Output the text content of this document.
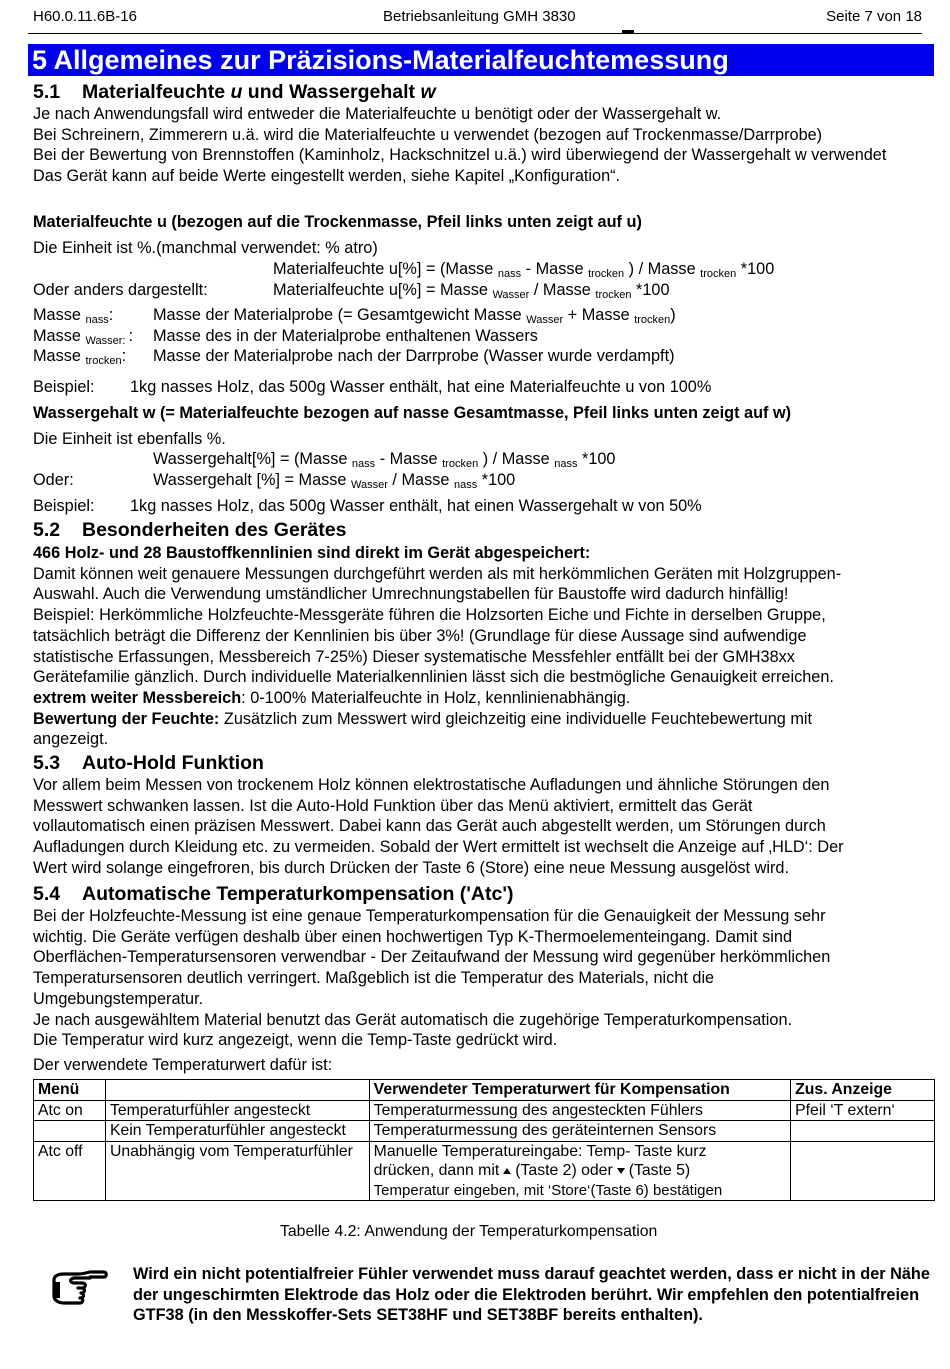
H60.0.11.6B-16	Betriebsanleitung GMH 3830	Seite 7 von 18
5 Allgemeines zur Präzisions-Materialfeuchtemessung
5.1 Materialfeuchte u und Wassergehalt w
Je nach Anwendungsfall wird entweder die Materialfeuchte u benötigt oder der Wassergehalt w.
Bei Schreinern, Zimmerern u.ä. wird die Materialfeuchte u verwendet (bezogen auf Trockenmasse/Darrprobe)
Bei der Bewertung von Brennstoffen (Kaminholz, Hackschnitzel u.ä.) wird überwiegend der Wassergehalt w verwendet
Das Gerät kann auf beide Werte eingestellt werden, siehe Kapitel „Konfiguration“.
Materialfeuchte u (bezogen auf die Trockenmasse, Pfeil links unten zeigt auf u)
Die Einheit ist %.(manchmal verwendet: % atro)
Materialfeuchte u[%] = (Masse $_{nass}$ - Masse $_{trocken}$ ) / Masse $_{trocken}$ *100
Oder anders dargestellt:	Materialfeuchte u[%] = Masse $_{Wasser}$ / Masse $_{trocken}$ *100
Masse $_{nass}$: Masse der Materialprobe (= Gesamtgewicht Masse $_{Wasser}$ + Masse $_{trocken}$)
Masse $_{Wasser:}$ : Masse des in der Materialprobe enthaltenen Wassers
Masse $_{trocken}$: Masse der Materialprobe nach der Darrprobe (Wasser wurde verdampft)
Beispiel: 1kg nasses Holz, das 500g Wasser enthält, hat eine Materialfeuchte u von 100%
Wassergehalt w (= Materialfeuchte bezogen auf nasse Gesamtmasse, Pfeil links unten zeigt auf w)
Die Einheit ist ebenfalls %.
Wassergehalt[%] = (Masse $_{nass}$ - Masse $_{trocken}$ ) / Masse $_{nass}$ *100
Oder:	Wassergehalt [%] = Masse $_{Wasser}$ / Masse $_{nass}$ *100
Beispiel: 1kg nasses Holz, das 500g Wasser enthält, hat einen Wassergehalt w von 50%
5.2 Besonderheiten des Gerätes
466 Holz- und 28 Baustoffkennlinien sind direkt im Gerät abgespeichert:
Damit können weit genauere Messungen durchgeführt werden als mit herkömmlichen Geräten mit Holzgruppen-
Auswahl. Auch die Verwendung umständlicher Umrechnungstabellen für Baustoffe wird dadurch hinfällig!
Beispiel: Herkömmliche Holzfeuchte-Messgeräte führen die Holzsorten Eiche und Fichte in derselben Gruppe,
tatsächlich beträgt die Differenz der Kennlinien bis über 3%! (Grundlage für diese Aussage sind aufwendige
statistische Erfassungen, Messbereich 7-25%) Dieser systematische Messfehler entfällt bei der GMH38xx
Gerätefamilie gänzlich. Durch individuelle Materialkennlinien lässt sich die bestmögliche Genauigkeit erreichen.
extrem weiter Messbereich: 0-100% Materialfeuchte in Holz, kennlinienabhängig.
Bewertung der Feuchte: Zusätzlich zum Messwert wird gleichzeitig eine individuelle Feuchtebewertung mit
angezeigt.
5.3 Auto-Hold Funktion
Vor allem beim Messen von trockenem Holz können elektrostatische Aufladungen und ähnliche Störungen den
Messwert schwanken lassen. Ist die Auto-Hold Funktion über das Menü aktiviert, ermittelt das Gerät
vollautomatisch einen präzisen Messwert. Dabei kann das Gerät auch abgestellt werden, um Störungen durch
Aufladungen durch Kleidung etc. zu vermeiden. Sobald der Wert ermittelt ist wechselt die Anzeige auf ‚HLD‘: Der
Wert wird solange eingefroren, bis durch Drücken der Taste 6 (Store) eine neue Messung ausgelöst wird.
5.4 Automatische Temperaturkompensation ('Atc')
Bei der Holzfeuchte-Messung ist eine genaue Temperaturkompensation für die Genauigkeit der Messung sehr
wichtig. Die Geräte verfügen deshalb über einen hochwertigen Typ K-Thermoelementeingang. Damit sind
Oberflächen-Temperatursensoren verwendbar - Der Zeitaufwand der Messung wird gegenüber herkömmlichen
Temperatursensoren deutlich verringert. Maßgeblich ist die Temperatur des Materials, nicht die
Umgebungstemperatur.
Je nach ausgewähltem Material benutzt das Gerät automatisch die zugehörige Temperaturkompensation.
Die Temperatur wird kurz angezeigt, wenn die Temp-Taste gedrückt wird.
Der verwendete Temperaturwert dafür ist:
Menü		Verwendeter Temperaturwert für Kompensation	Zus. Anzeige
Atc on	Temperaturfühler angesteckt	Temperaturmessung des angesteckten Fühlers	Pfeil ‘T extern‘
	Kein Temperaturfühler angesteckt	Temperaturmessung des geräteinternen Sensors	
Atc off	Unabhängig vom Temperaturfühler	Manuelle Temperatureingabe: Temp- Taste kurz
drücken, dann mit (Taste 2) oder (Taste 5)
Temperatur eingeben, mit ‘Store‘(Taste 6) bestätigen	

Tabelle 4.2: Anwendung der Temperaturkompensation
Wird ein nicht potentialfreier Fühler verwendet muss darauf geachtet werden, dass er nicht in der Nähe der ungeschirmten Elektrode das Holz oder die Elektroden berührt. Wir empfehlen den potentialfreien GTF38 (in den Messkoffer-Sets SET38HF und SET38BF bereits enthalten).
